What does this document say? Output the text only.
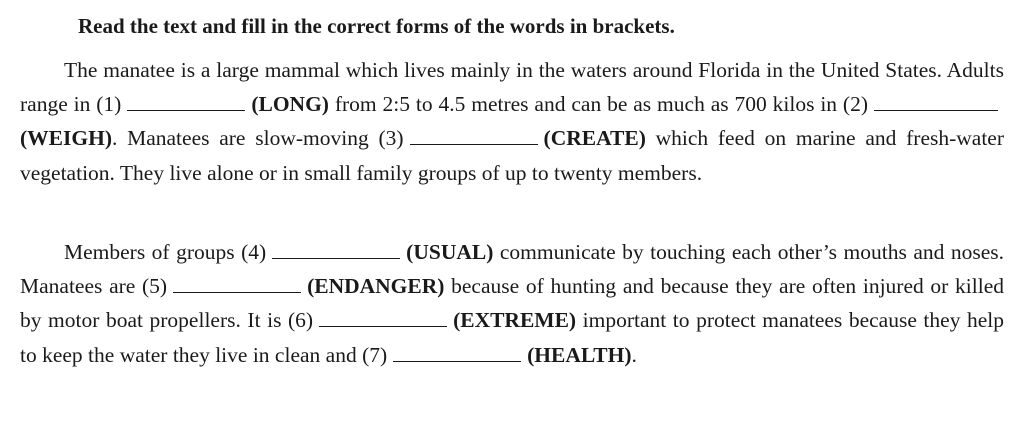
Read the text and fill in the correct forms of the words in brackets.

The manatee is a large mammal which lives mainly in the waters around Florida in the United States. Adults range in (1)	(LONG) from 2:5 to 4.5 metres and can be as much as 700 kilos in (2)(WEIGH). Manatees are slow-moving (3)	(CREATE) which feed on marine and fresh-water vegetation. They live alone or in small family groups of up to twenty members.

Members of groups (4)	(USUAL) communicate by touching each other’s mouths and noses. Manatees are (5)	(ENDANGER) because of hunting and because they are often injured or killed by motor boat propellers. It is (6)	(EXTREME) important to protect manatees because they help to keep the water they live in clean and (7)	(HEALTH).
